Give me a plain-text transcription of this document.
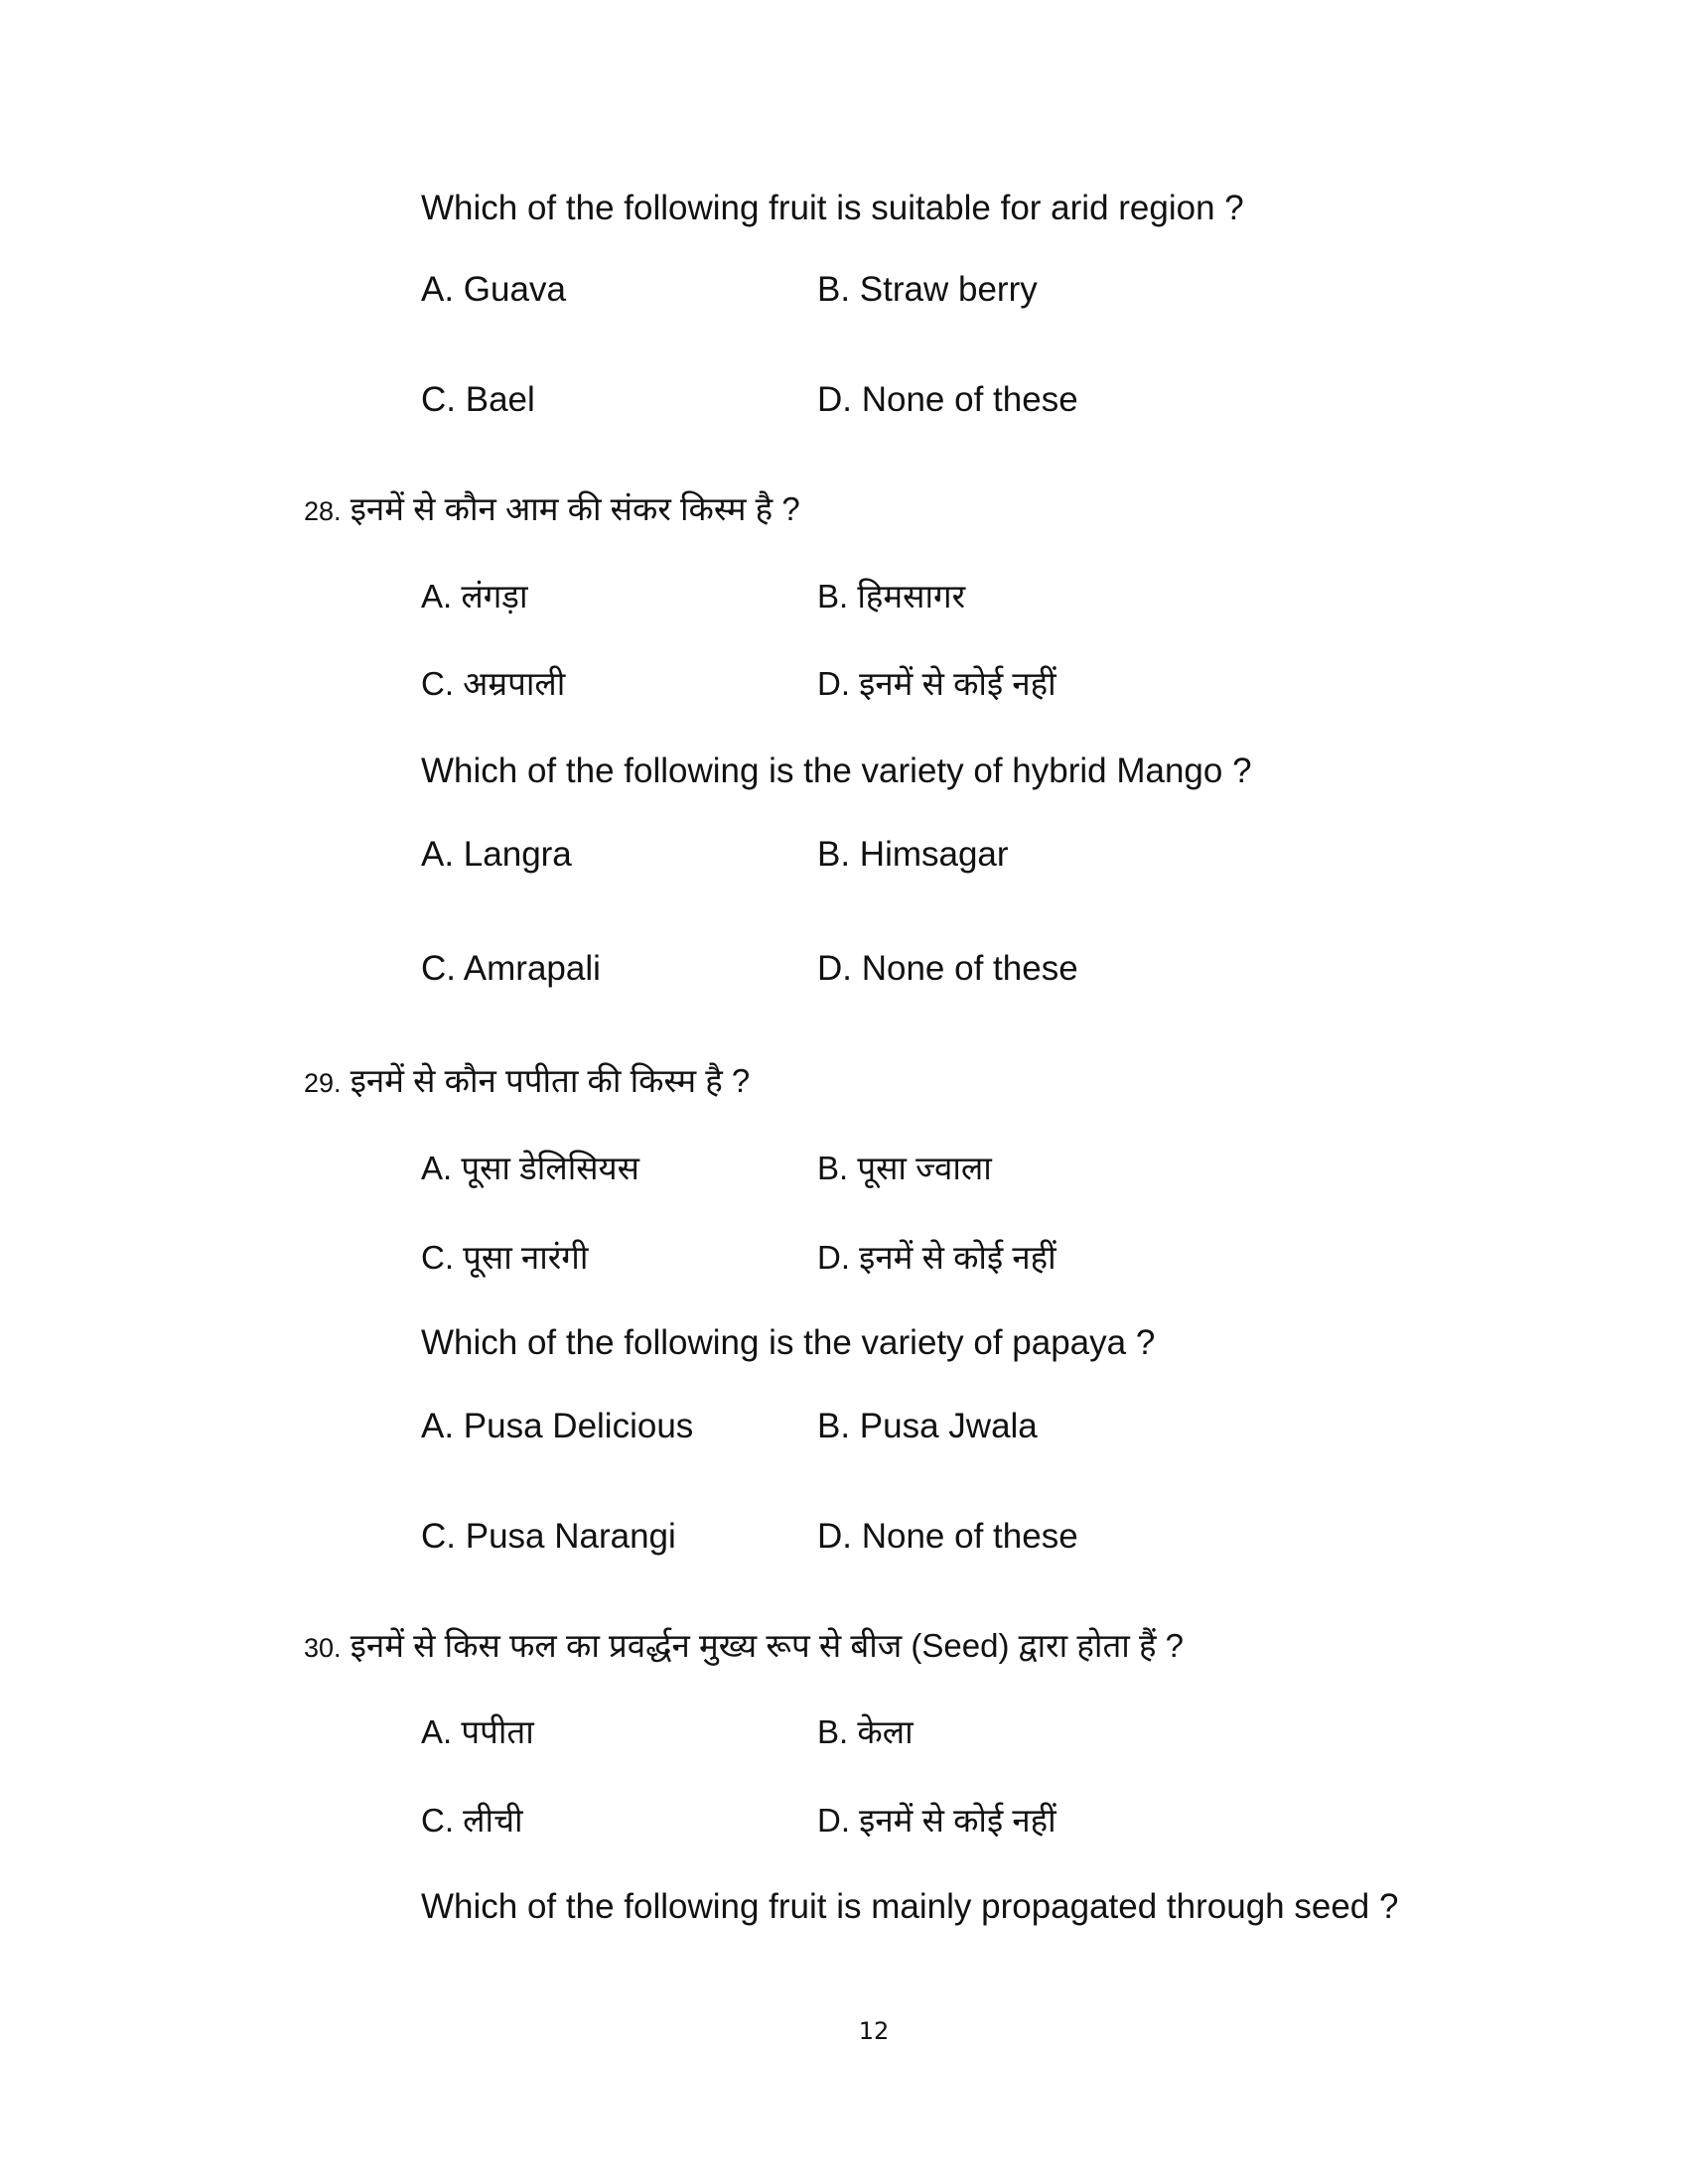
Which of the following fruit is suitable for arid region ?
A. Guava	B. Straw berry
C. Bael	D. None of these
28. इनमें से कौन आम की संकर किस्म है ?
A. लंगड़ा	B. हिमसागर
C. अम्रपाली	D. इनमें से कोई नहीं
Which of the following is the variety of hybrid Mango ?
A. Langra	B. Himsagar
C. Amrapali	D. None of these
29. इनमें से कौन पपीता की किस्म है ?
A. पूसा डेलिसियस	B. पूसा ज्वाला
C. पूसा नारंगी	D. इनमें से कोई नहीं
Which of the following is the variety of papaya ?
A. Pusa Delicious	B. Pusa Jwala
C. Pusa Narangi	D. None of these
30. इनमें से किस फल का प्रवर्द्धन मुख्य रूप से बीज (Seed) द्वारा होता हैं ?
A. पपीता	B. केला
C. लीची	D. इनमें से कोई नहीं
Which of the following fruit is mainly propagated through seed ?
12
